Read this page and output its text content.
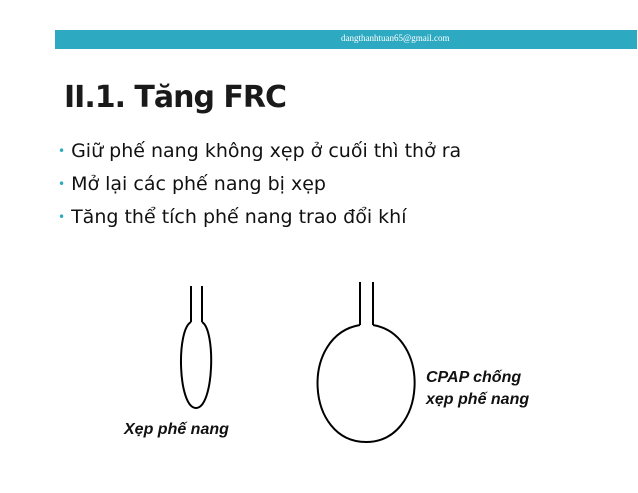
dangthanhtuan65@gmail.com
II.1. Tăng FRC
• Giữ phế nang không xẹp ở cuối thì thở ra
• Mở lại các phế nang bị xẹp
• Tăng thể tích phế nang trao đổi khí
Xẹp phế nang
CPAP chống
xẹp phế nang
